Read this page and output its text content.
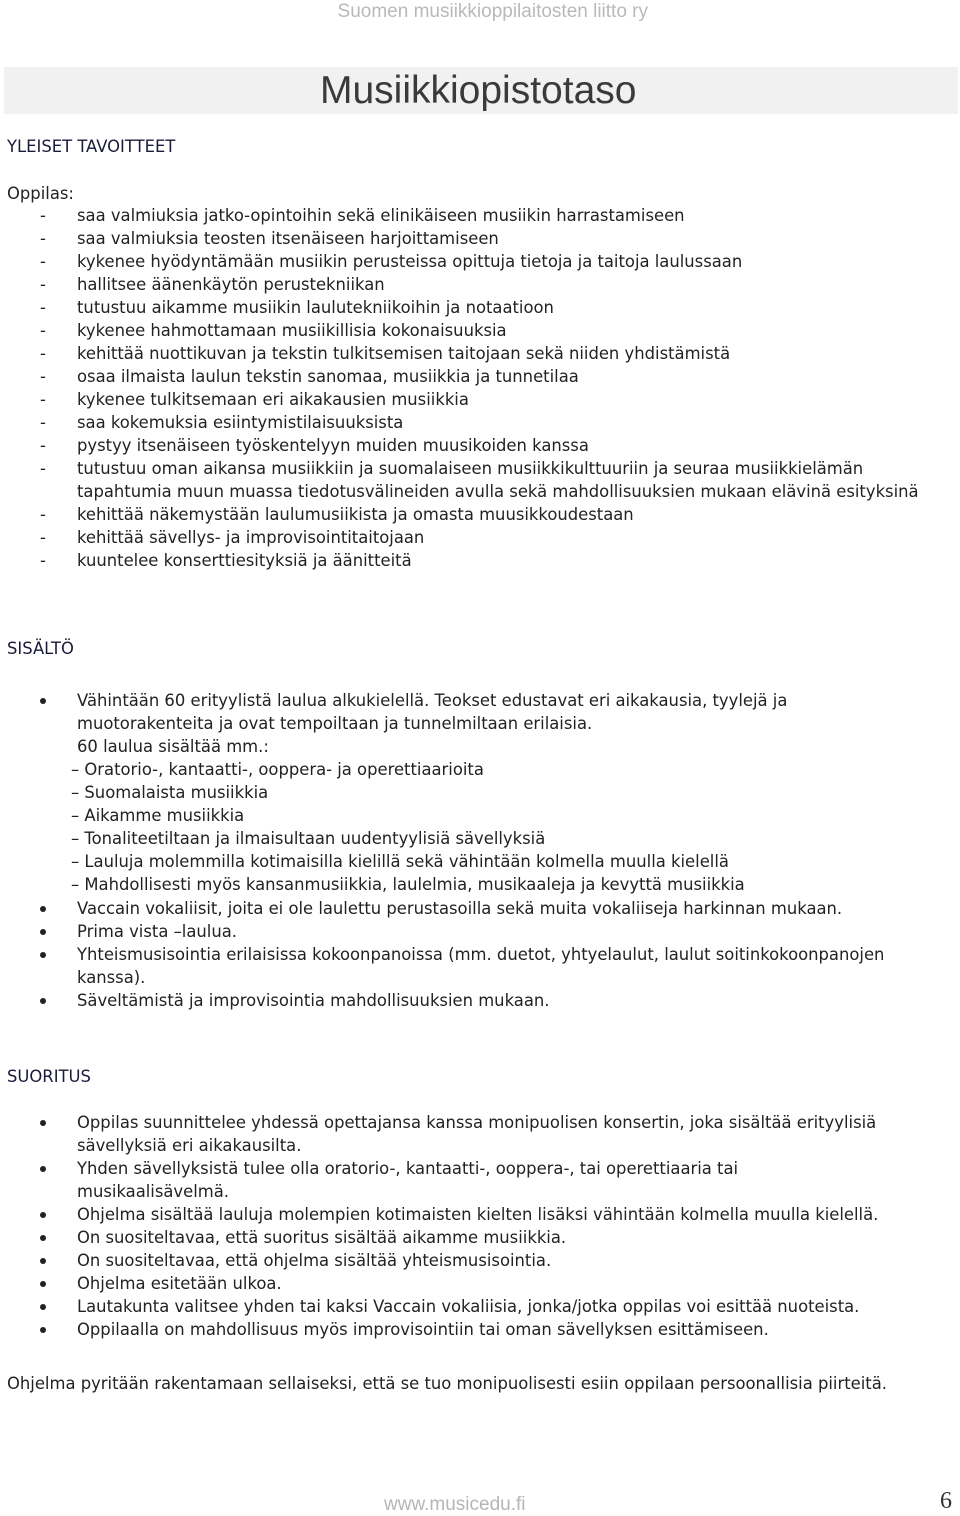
Suomen musiikkioppilaitosten liitto ry
Musiikkiopistotaso
YLEISET TAVOITTEET

Oppilas:

- saa valmiuksia jatko-opintoihin sekä elinikäiseen musiikin harrastamiseen
- saa valmiuksia teosten itsenäiseen harjoittamiseen
- kykenee hyödyntämään musiikin perusteissa opittuja tietoja ja taitoja laulussaan
- hallitsee äänenkäytön perustekniikan
- tutustuu aikamme musiikin laulutekniikoihin ja notaatioon
- kykenee hahmottamaan musiikillisia kokonaisuuksia
- kehittää nuottikuvan ja tekstin tulkitsemisen taitojaan sekä niiden yhdistämistä
- osaa ilmaista laulun tekstin sanomaa, musiikkia ja tunnetilaa
- kykenee tulkitsemaan eri aikakausien musiikkia
- saa kokemuksia esiintymistilaisuuksista
- pystyy itsenäiseen työskentelyyn muiden muusikoiden kanssa
- tutustuu oman aikansa musiikkiin ja suomalaiseen musiikkikulttuuriin ja seuraa musiikkielämän tapahtumia muun muassa tiedotusvälineiden avulla sekä mahdollisuuksien mukaan elävinä esityksinä
- kehittää näkemystään laulumusiikista ja omasta muusikkoudestaan
- kehittää sävellys- ja improvisointitaitojaan
- kuuntelee konserttiesityksiä ja äänitteitä
SISÄLTÖ
Vähintään 60 erityylistä laulua alkukielellä. Teokset edustavat eri aikakausia, tyylejä ja muotorakenteita ja ovat tempoiltaan ja tunnelmiltaan erilaisia.
60 laulua sisältää mm.:
– Oratorio-, kantaatti-, ooppera- ja operettiaarioita
– Suomalaista musiikkia
– Aikamme musiikkia
– Tonaliteetiltaan ja ilmaisultaan uudentyylisiä sävellyksiä
– Lauluja molemmilla kotimaisilla kielillä sekä vähintään kolmella muulla kielellä
– Mahdollisesti myös kansanmusiikkia, laulelmia, musikaaleja ja kevyttä musiikkia
Vaccain vokaliisit, joita ei ole laulettu perustasoilla sekä muita vokaliiseja harkinnan mukaan.
Prima vista –laulua.
Yhteismusisointia erilaisissa kokoonpanoissa (mm. duetot, yhtyelaulut, laulut soitinkokoonpanojen kanssa).
Säveltämistä ja improvisointia mahdollisuuksien mukaan.
SUORITUS
Oppilas suunnittelee yhdessä opettajansa kanssa monipuolisen konsertin, joka sisältää erityylisiä sävellyksiä eri aikakausilta.
Yhden sävellyksistä tulee olla oratorio-, kantaatti-, ooppera-, tai operettiaaria tai musikaalisävelmä.
Ohjelma sisältää lauluja molempien kotimaisten kielten lisäksi vähintään kolmella muulla kielellä.
On suositeltavaa, että suoritus sisältää aikamme musiikkia.
On suositeltavaa, että ohjelma sisältää yhteismusisointia.
Ohjelma esitetään ulkoa.
Lautakunta valitsee yhden tai kaksi Vaccain vokaliisia, jonka/jotka oppilas voi esittää nuoteista.
Oppilaalla on mahdollisuus myös improvisointiin tai oman sävellyksen esittämiseen.

Ohjelma pyritään rakentamaan sellaiseksi, että se tuo monipuolisesti esiin oppilaan persoonallisia piirteitä.

www.musicedu.fi	6
